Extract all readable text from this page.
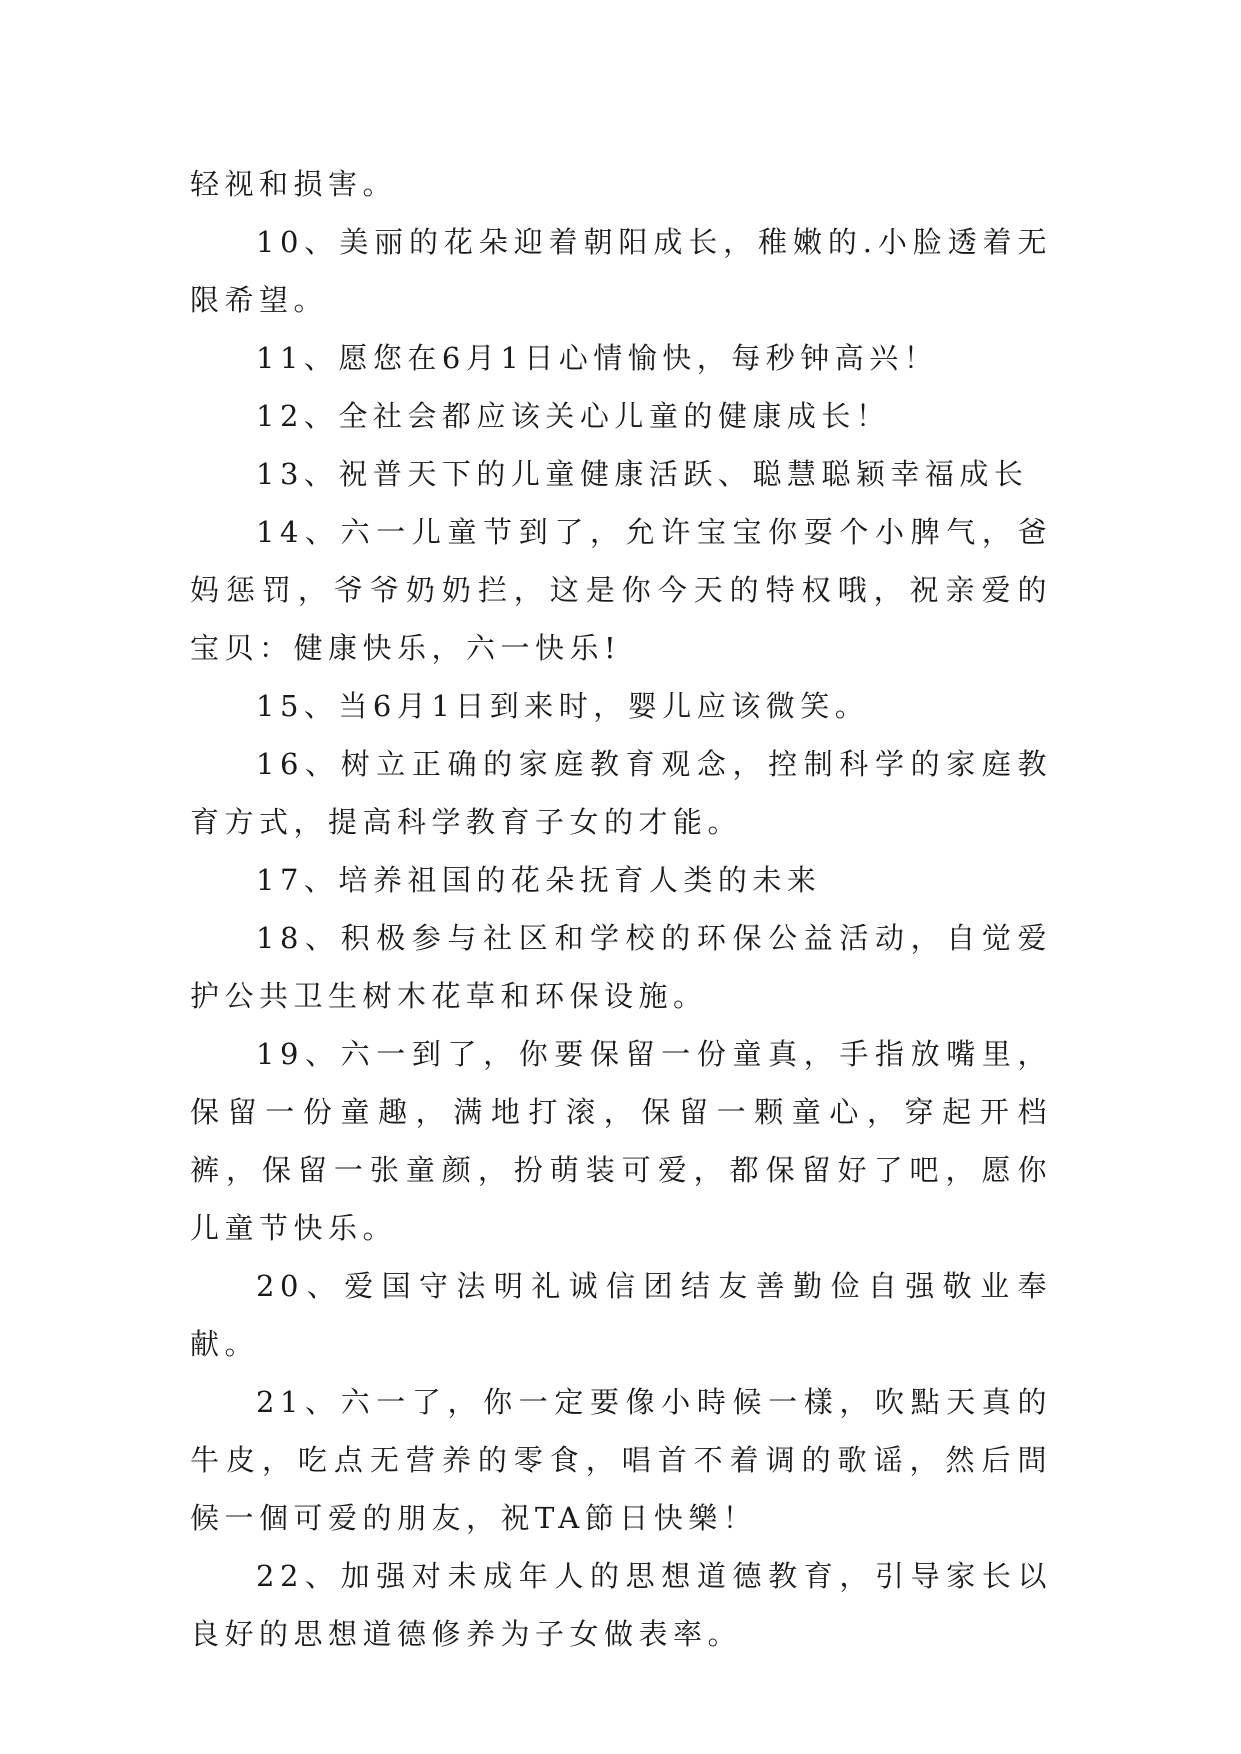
轻视和损害。

10、美丽的花朵迎着朝阳成长，稚嫩的.小脸透着无限希望。

11、愿您在6月1日心情愉快，每秒钟高兴！

12、全社会都应该关心儿童的健康成长！

13、祝普天下的儿童健康活跃、聪慧聪颖幸福成长

14、六一儿童节到了，允许宝宝你耍个小脾气，爸妈惩罚，爷爷奶奶拦，这是你今天的特权哦，祝亲爱的宝贝：健康快乐，六一快乐!

15、当6月1日到来时，婴儿应该微笑。

16、树立正确的家庭教育观念，控制科学的家庭教育方式，提高科学教育子女的才能。

17、培养祖国的花朵抚育人类的未来

18、积极参与社区和学校的环保公益活动，自觉爱护公共卫生树木花草和环保设施。

19、六一到了，你要保留一份童真，手指放嘴里，保留一份童趣，满地打滚，保留一颗童心，穿起开档裤，保留一张童颜，扮萌装可爱，都保留好了吧，愿你儿童节快乐。

20、爱国守法明礼诚信团结友善勤俭自强敬业奉献。

21、六一了，你一定要像小時候一樣，吹點天真的牛皮，吃点无营养的零食，唱首不着调的歌谣，然后問候一個可爱的朋友，祝TA節日快樂！

22、加强对未成年人的思想道德教育，引导家长以良好的思想道德修养为子女做表率。
